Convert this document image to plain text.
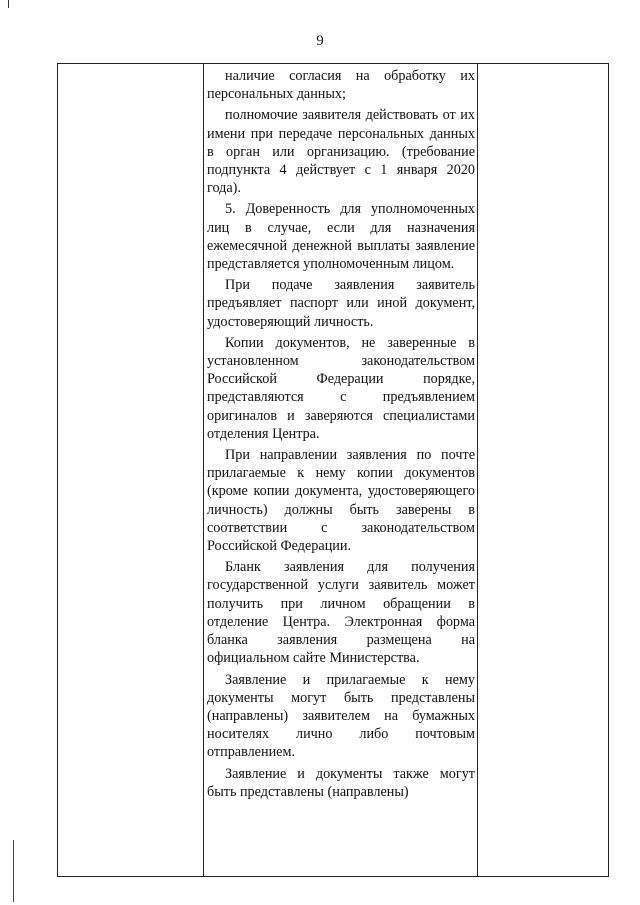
9

наличие согласия на обработку их персональных данных;

полномочие заявителя действовать от их имени при передаче персональных данных в орган или организацию. (требование подпункта 4 действует с 1 января 2020 года).

5. Доверенность для уполномоченных лиц в случае, если для назначения ежемесячной денежной выплаты заявление представляется уполномоченным лицом.

При подаче заявления заявитель предъявляет паспорт или иной документ, удостоверяющий личность.

Копии документов, не заверенные в установленном законодательством Российской Федерации порядке, представляются с предъявлением оригиналов и заверяются специалистами отделения Центра.

При направлении заявления по почте прилагаемые к нему копии документов (кроме копии документа, удостоверяющего личность) должны быть заверены в соответствии с законодательством Российской Федерации.

Бланк заявления для получения государственной услуги заявитель может получить при личном обращении в отделение Центра. Электронная форма бланка заявления размещена на официальном сайте Министерства.

Заявление и прилагаемые к нему документы могут быть представлены (направлены) заявителем на бумажных носителях лично либо почтовым отправлением.

Заявление и документы также могут быть представлены (направлены)
